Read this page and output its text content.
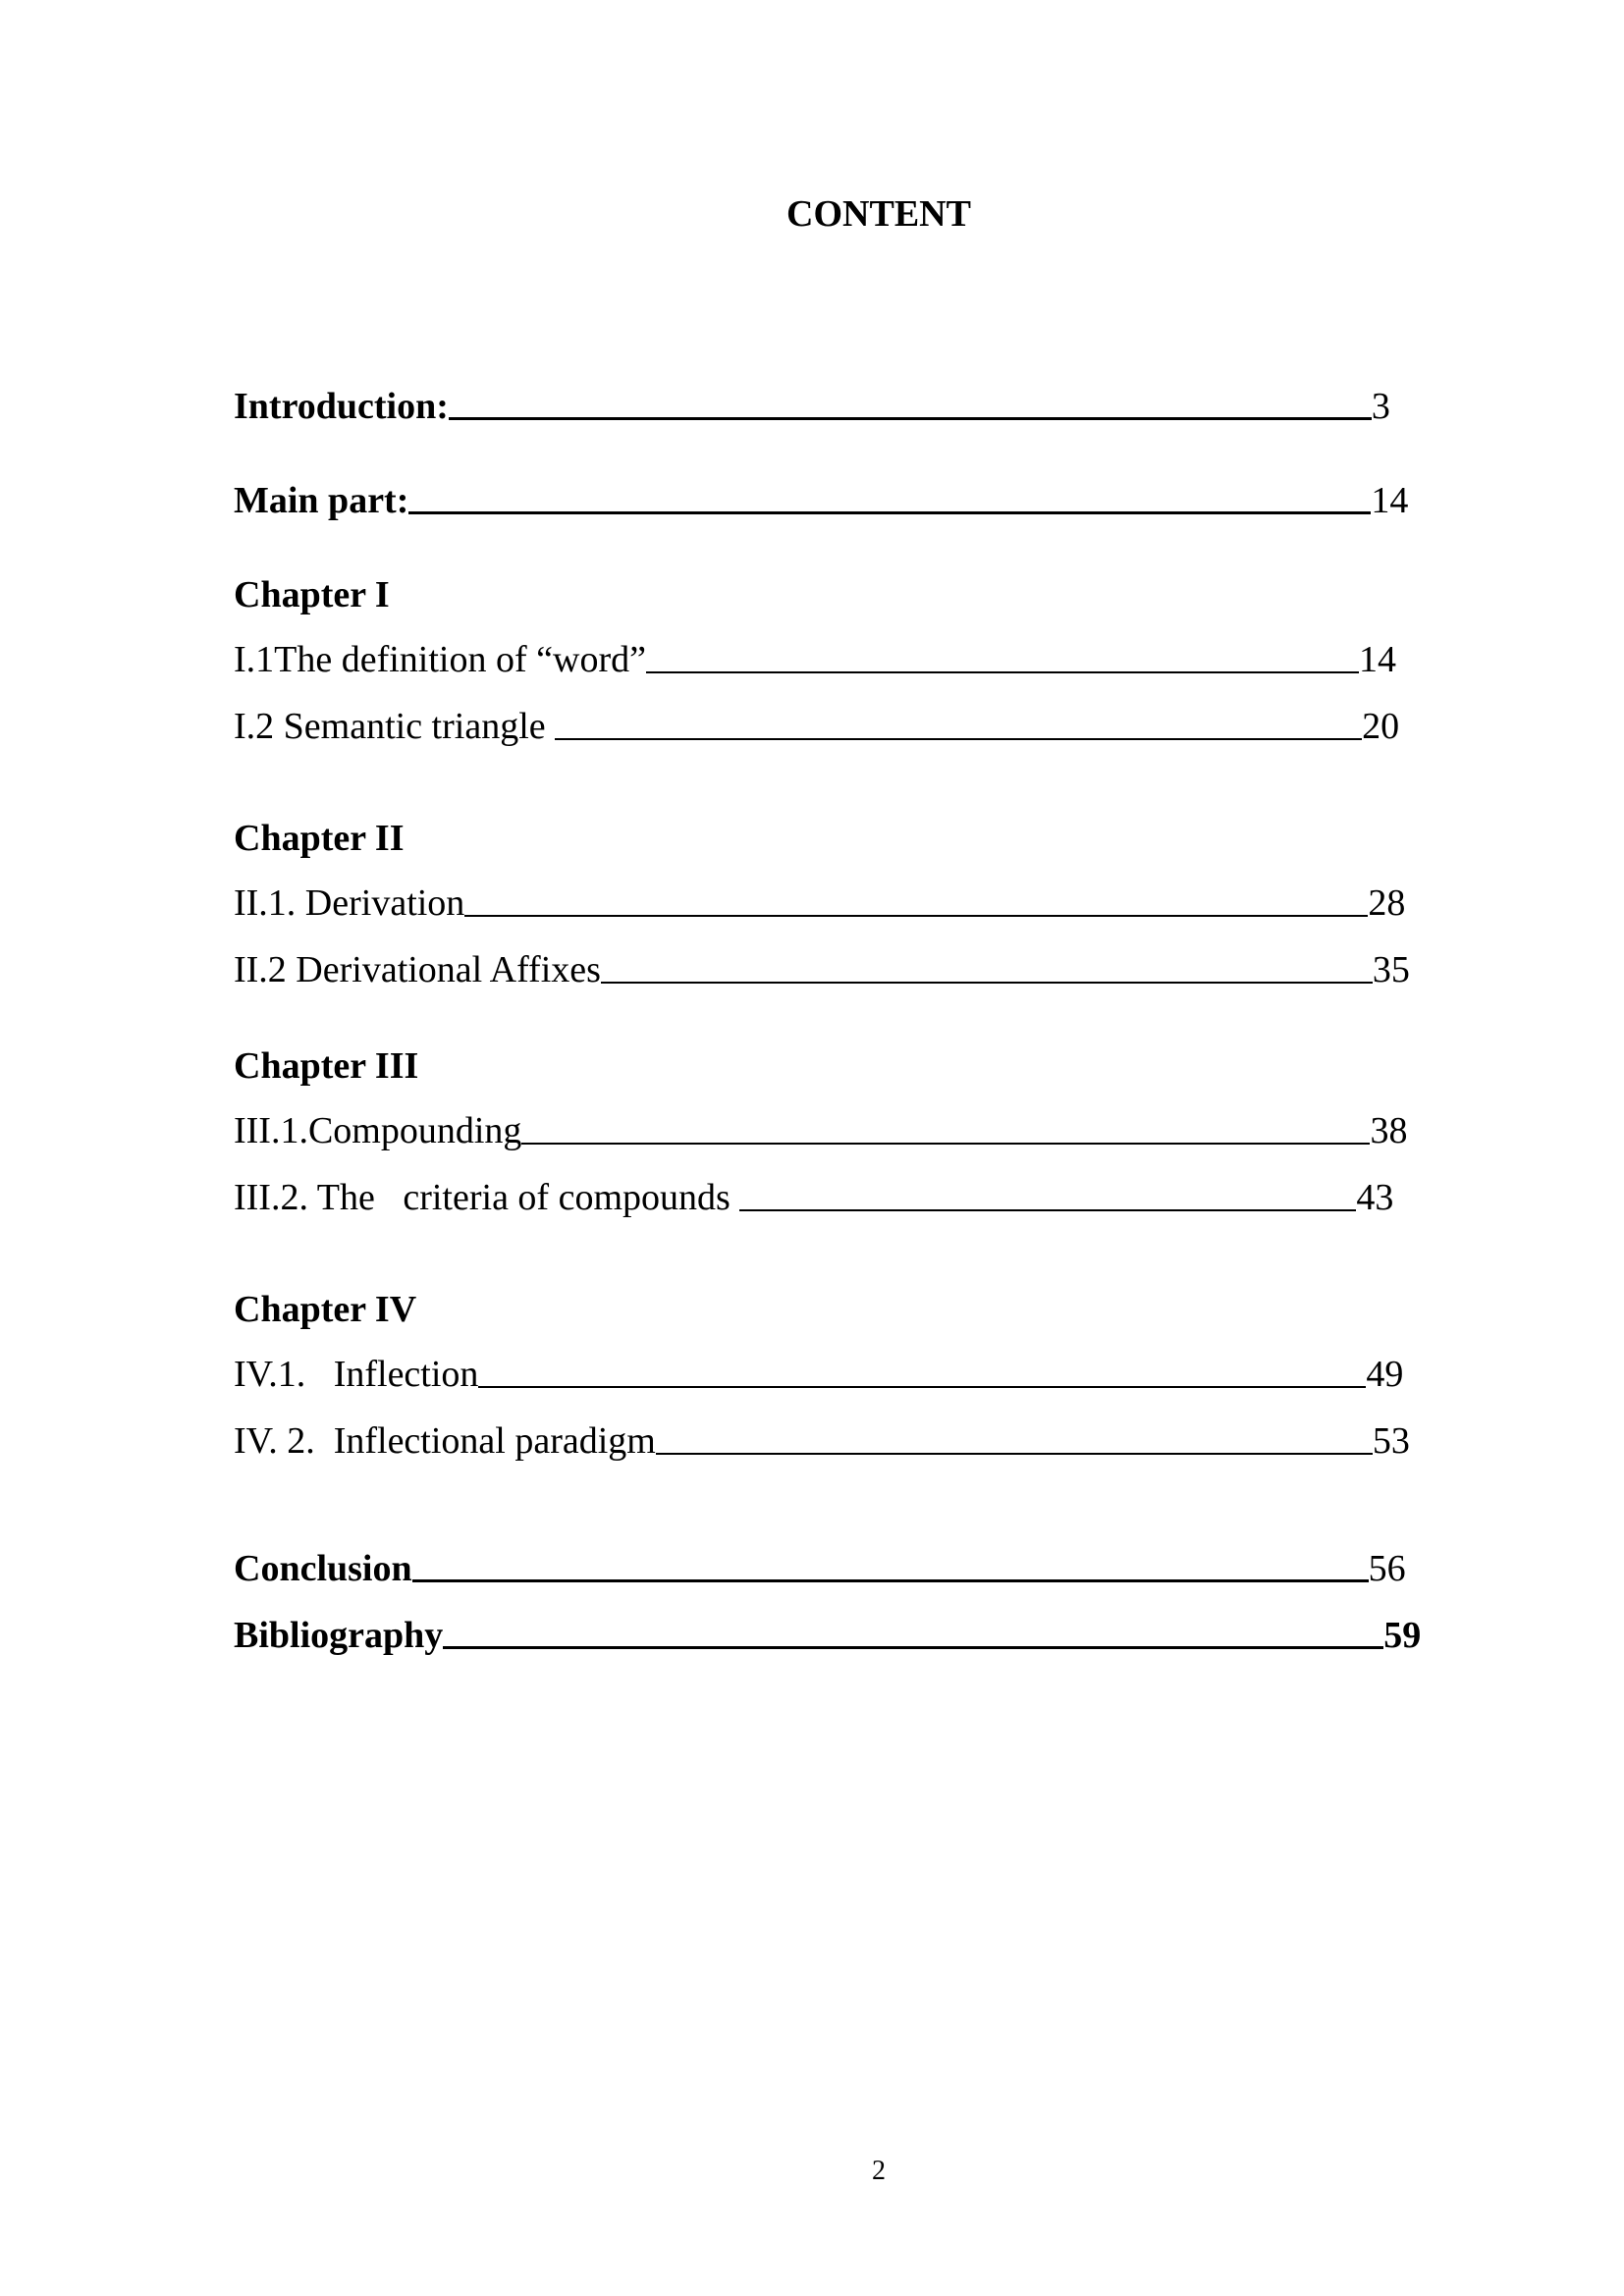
CONTENT
Introduction:	3
Main part:	14
Chapter I
I.1The definition of “word”	14
I.2 Semantic triangle	20
Chapter II
II.1. Derivation	28
II.2 Derivational Affixes	35
Chapter III
III.1.Compounding	38
III.2. The   criteria of compounds	43
Chapter IV
IV.1.   Inflection	49
IV. 2.  Inflectional paradigm	53
Conclusion	56
Bibliography	59
2
